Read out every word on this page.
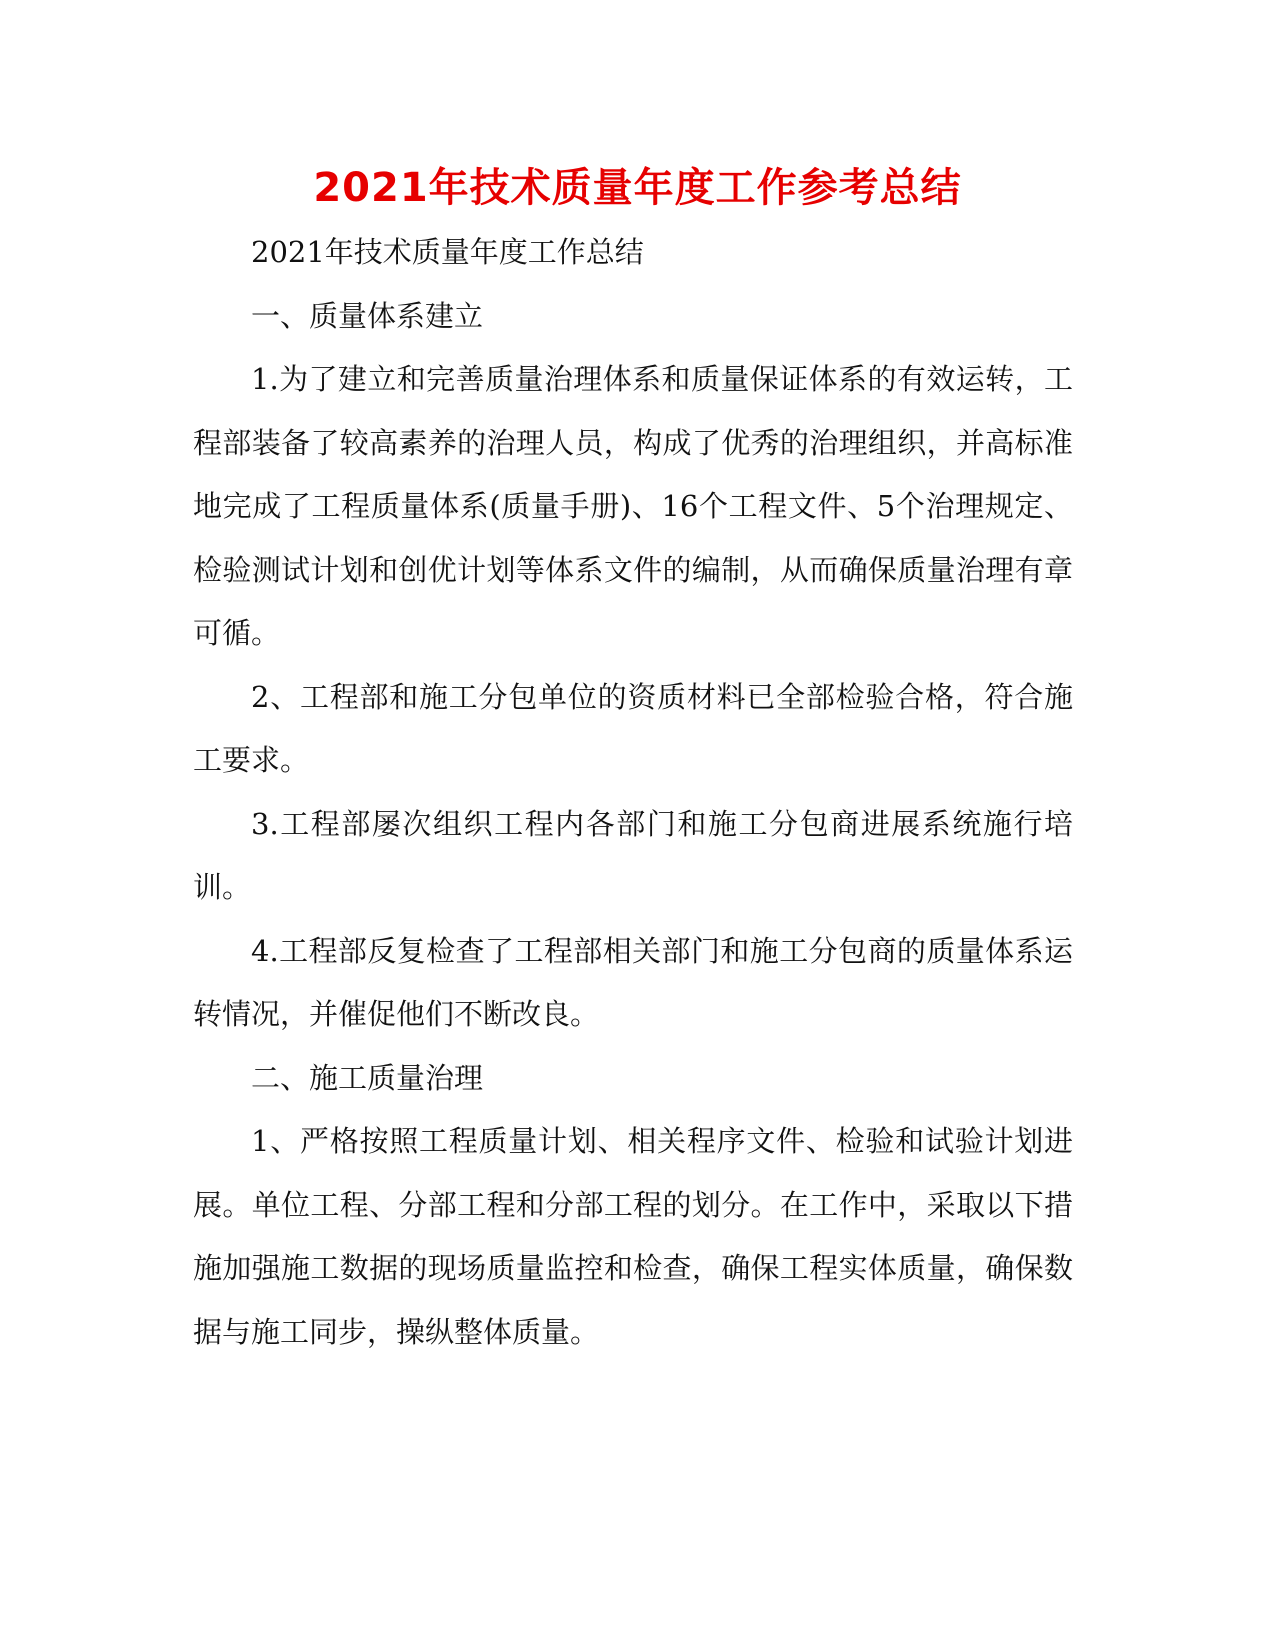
2021年技术质量年度工作参考总结

2021年技术质量年度工作总结

一、质量体系建立

1.为了建立和完善质量治理体系和质量保证体系的有效运转，工程部装备了较高素养的治理人员，构成了优秀的治理组织，并高标准地完成了工程质量体系(质量手册)、16个工程文件、5个治理规定、检验测试计划和创优计划等体系文件的编制，从而确保质量治理有章可循。

2、工程部和施工分包单位的资质材料已全部检验合格，符合施工要求。

3.工程部屡次组织工程内各部门和施工分包商进展系统施行培训。

4.工程部反复检查了工程部相关部门和施工分包商的质量体系运转情况，并催促他们不断改良。

二、施工质量治理

1、严格按照工程质量计划、相关程序文件、检验和试验计划进展。单位工程、分部工程和分部工程的划分。在工作中，采取以下措施加强施工数据的现场质量监控和检查，确保工程实体质量，确保数据与施工同步，操纵整体质量。
